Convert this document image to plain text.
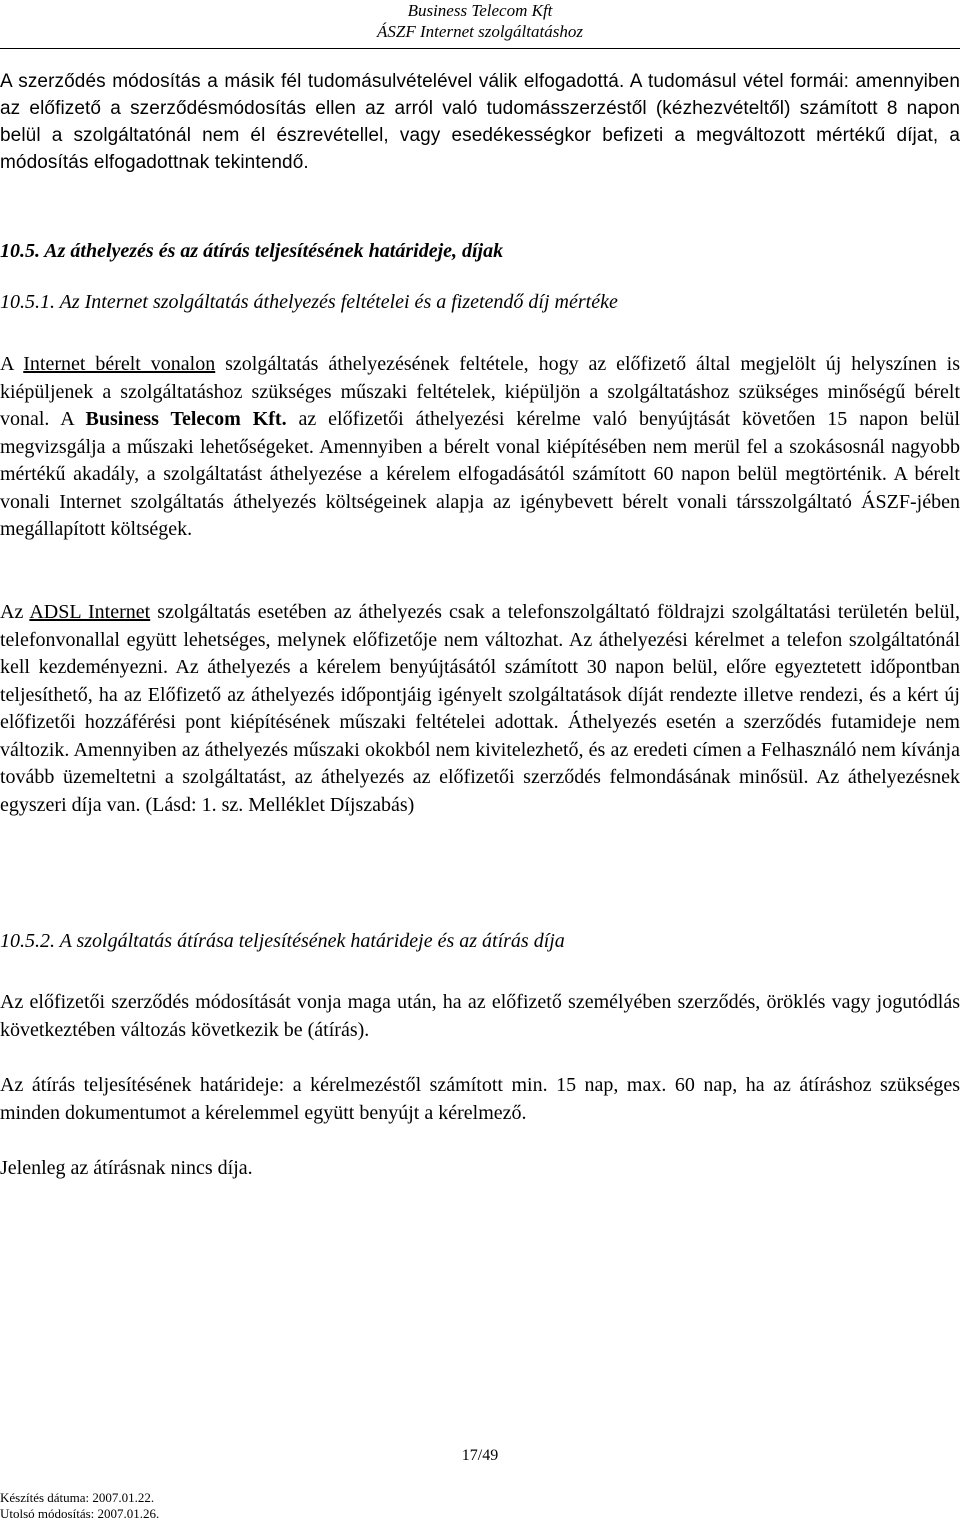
Business Telecom Kft
ÁSZF Internet szolgáltatáshoz
A szerződés módosítás a másik fél tudomásulvételével válik elfogadottá. A tudomásul vétel formái: amennyiben az előfizető a szerződésmódosítás ellen az arról való tudomásszerzéstől (kézhezvételtől) számított 8 napon belül a szolgáltatónál nem él észrevétellel, vagy esedékességkor befizeti a megváltozott mértékű díjat, a módosítás elfogadottnak tekintendő.
10.5. Az áthelyezés és az átírás teljesítésének határideje, díjak
10.5.1. Az Internet szolgáltatás áthelyezés feltételei és a fizetendő díj mértéke
A Internet bérelt vonalon szolgáltatás áthelyezésének feltétele, hogy az előfizető által megjelölt új helyszínen is kiépüljenek a szolgáltatáshoz szükséges műszaki feltételek, kiépüljön a szolgáltatáshoz szükséges minőségű bérelt vonal. A Business Telecom Kft. az előfizetői áthelyezési kérelme való benyújtását követően 15 napon belül megvizsgálja a műszaki lehetőségeket. Amennyiben a bérelt vonal kiépítésében nem merül fel a szokásosnál nagyobb mértékű akadály, a szolgáltatást áthelyezése a kérelem elfogadásától számított 60 napon belül megtörténik. A bérelt vonali Internet szolgáltatás áthelyezés költségeinek alapja az igénybevett bérelt vonali társszolgáltató ÁSZF-jében megállapított költségek.
Az ADSL Internet szolgáltatás esetében az áthelyezés csak a telefonszolgáltató földrajzi szolgáltatási területén belül, telefonvonallal együtt lehetséges, melynek előfizetője nem változhat. Az áthelyezési kérelmet a telefon szolgáltatónál kell kezdeményezni. Az áthelyezés a kérelem benyújtásától számított 30 napon belül, előre egyeztetett időpontban teljesíthető, ha az Előfizető az áthelyezés időpontjáig igényelt szolgáltatások díját rendezte illetve rendezi, és a kért új előfizetői hozzáférési pont kiépítésének műszaki feltételei adottak. Áthelyezés esetén a szerződés futamideje nem változik. Amennyiben az áthelyezés műszaki okokból nem kivitelezhető, és az eredeti címen a Felhasználó nem kívánja tovább üzemeltetni a szolgáltatást, az áthelyezés az előfizetői szerződés felmondásának minősül. Az áthelyezésnek egyszeri díja van. (Lásd: 1. sz. Melléklet Díjszabás)
10.5.2. A szolgáltatás átírása teljesítésének határideje és az átírás díja
Az előfizetői szerződés módosítását vonja maga után, ha az előfizető személyében szerződés, öröklés vagy jogutódlás következtében változás következik be (átírás).
Az átírás teljesítésének határideje: a kérelmezéstől számított min. 15 nap, max. 60 nap, ha az átíráshoz szükséges minden dokumentumot a kérelemmel együtt benyújt a kérelmező.
Jelenleg az átírásnak nincs díja.
17/49
Készítés dátuma: 2007.01.22.
Utolsó módosítás: 2007.01.26.
